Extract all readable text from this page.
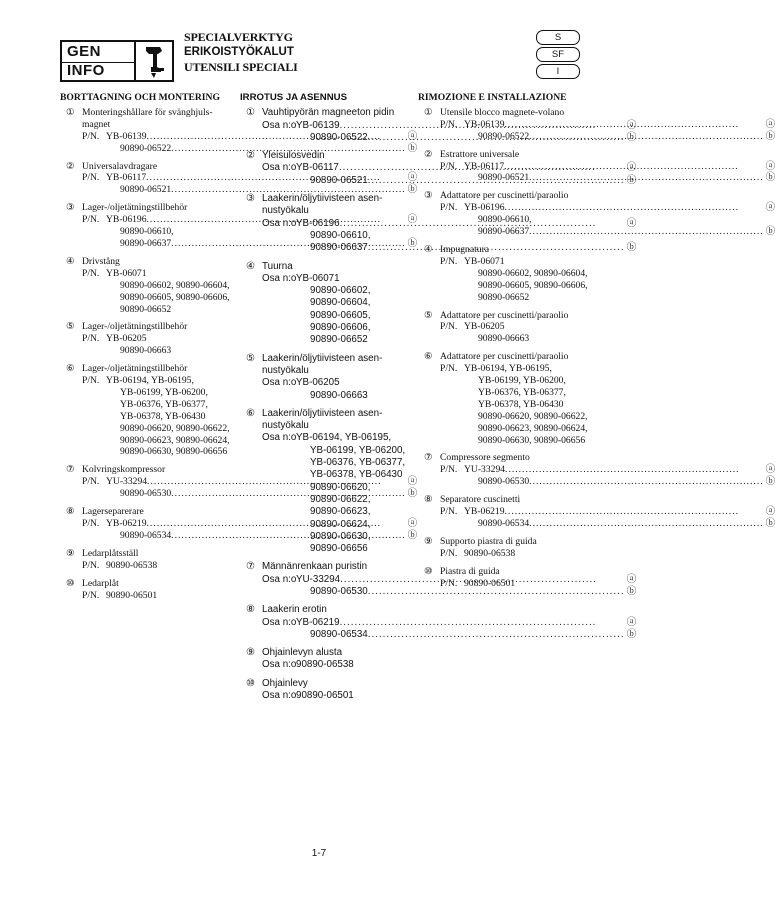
GEN
INFO
SPECIALVERKTYG
ERIKOISTYÖKALUT
UTENSILI SPECIALI
S
SF
I
BORTTAGNING OCH MONTERING
① Monteringshållare för svänghjuls-magnet
P/N. YB-06139 .....	ⓐ
90890-06522 .....	ⓑ
② Universalavdragare
P/N. YB-06117 .....	ⓐ
90890-06521 .....	ⓑ
③ Lager-/oljetätningstillbehör
P/N. YB-06196 .....	ⓐ
90890-06610,
90890-06637 .....	ⓑ
④ Drivstång
P/N. YB-06071
90890-06602, 90890-06604,
90890-06605, 90890-06606,
90890-06652
⑤ Lager-/oljetätningstillbehör
P/N. YB-06205
90890-06663
⑥ Lager-/oljetätningstillbehör
P/N. YB-06194, YB-06195,
YB-06199, YB-06200,
YB-06376, YB-06377,
YB-06378, YB-06430
90890-06620, 90890-06622,
90890-06623, 90890-06624,
90890-06630, 90890-06656
⑦ Kolvringskompressor
P/N. YU-33294 .....	ⓐ
90890-06530 .....	ⓑ
⑧ Lagerseparerare
P/N. YB-06219 .....	ⓐ
90890-06534 .....	ⓑ
⑨ Ledarplåtsställ
P/N. 90890-06538
⑩ Ledarplåt
P/N. 90890-06501
IRROTUS JA ASENNUS
① Vauhtipyörän magneeton pidin
Osa n:o YB-06139 .....	ⓐ
90890-06522 .....	ⓑ
② Yleisulosvedin
Osa n:o YB-06117 .....	ⓐ
90890-06521 .....	ⓑ
③ Laakerin/öljytiivisteen asen-nustyökalu
Osa n:o YB-06196 .....	ⓐ
90890-06610,
90890-06637 .....	ⓑ
④ Tuurna
Osa n:o YB-06071
90890-06602,
90890-06604,
90890-06605,
90890-06606,
90890-06652
⑤ Laakerin/öljytiivisteen asen-nustyökalu
Osa n:o YB-06205
90890-06663
⑥ Laakerin/öljytiivisteen asen-nustyökalu
Osa n:o YB-06194, YB-06195,
YB-06199, YB-06200,
YB-06376, YB-06377,
YB-06378, YB-06430
90890-06620,
90890-06622,
90890-06623,
90890-06624,
90890-06630,
90890-06656
⑦ Männänrenkaan puristin
Osa n:o YU-33294 .....	ⓐ
90890-06530 .....	ⓑ
⑧ Laakerin erotin
Osa n:o YB-06219 .....	ⓐ
90890-06534 .....	ⓑ
⑨ Ohjainlevyn alusta
Osa n:o 90890-06538
⑩ Ohjainlevy
Osa n:o 90890-06501
RIMOZIONE E INSTALLAZIONE
① Utensile blocco magnete-volano
P/N. YB-06139 .....	ⓐ
90890-06522 .....	ⓑ
② Estrattore universale
P/N. YB-06117 .....	ⓐ
90890-06521 .....	ⓑ
③ Adattatore per cuscinetti/paraolio
P/N. YB-06196 .....	ⓐ
90890-06610,
90890-06637 .....	ⓑ
④ Impugnatura
P/N. YB-06071
90890-06602, 90890-06604,
90890-06605, 90890-06606,
90890-06652
⑤ Adattatore per cuscinetti/paraolio
P/N. YB-06205
90890-06663
⑥ Adattatore per cuscinetti/paraolio
P/N. YB-06194, YB-06195,
YB-06199, YB-06200,
YB-06376, YB-06377,
YB-06378, YB-06430
90890-06620, 90890-06622,
90890-06623, 90890-06624,
90890-06630, 90890-06656
⑦ Compressore segmento
P/N. YU-33294 .....	ⓐ
90890-06530 .....	ⓑ
⑧ Separatore cuscinetti
P/N. YB-06219 .....	ⓐ
90890-06534 .....	ⓑ
⑨ Supporto piastra di guida
P/N. 90890-06538
⑩ Piastra di guida
P/N. 90890-06501
1-7
